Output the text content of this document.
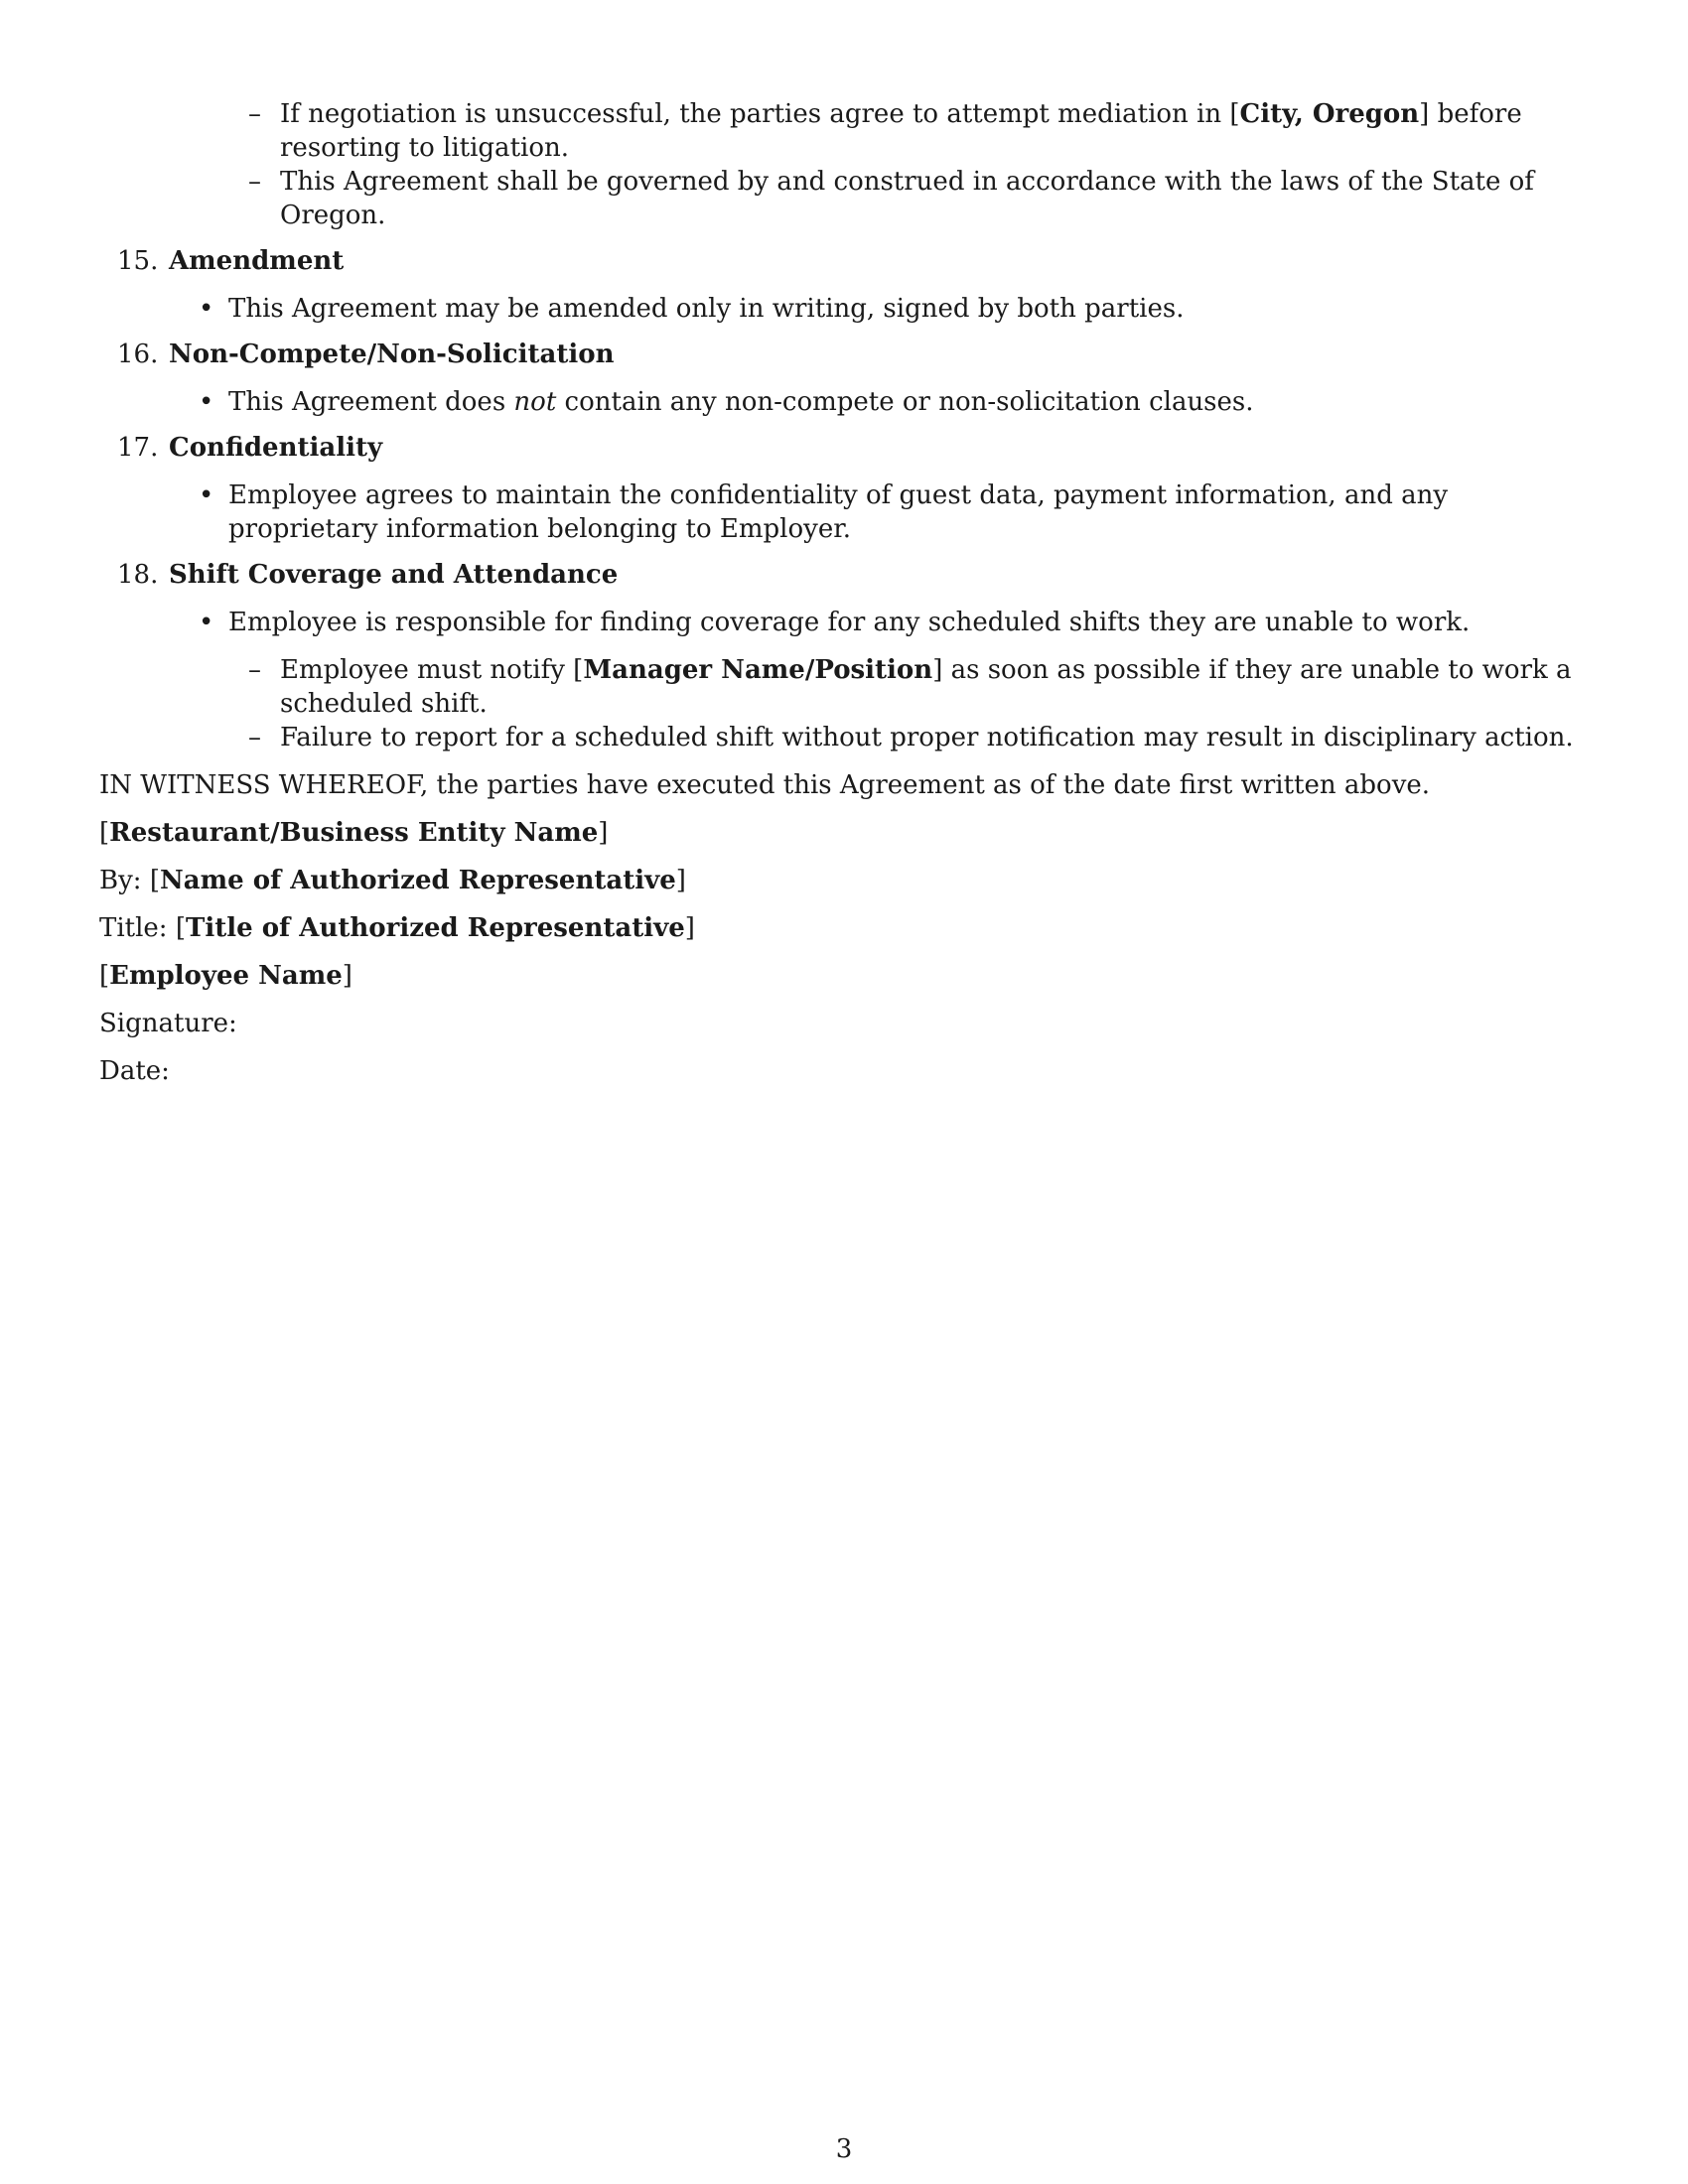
– If negotiation is unsuccessful, the parties agree to attempt mediation in [City, Oregon] before resorting to litigation.
– This Agreement shall be governed by and construed in accordance with the laws of the State of Oregon.
15. Amendment
• This Agreement may be amended only in writing, signed by both parties.
16. Non-Compete/Non-Solicitation
• This Agreement does not contain any non-compete or non-solicitation clauses.
17. Confidentiality
• Employee agrees to maintain the confidentiality of guest data, payment information, and any proprietary information belonging to Employer.
18. Shift Coverage and Attendance
• Employee is responsible for finding coverage for any scheduled shifts they are unable to work.
– Employee must notify [Manager Name/Position] as soon as possible if they are unable to work a scheduled shift.
– Failure to report for a scheduled shift without proper notification may result in disciplinary action.
IN WITNESS WHEREOF, the parties have executed this Agreement as of the date first written above.
[Restaurant/Business Entity Name]
By: [Name of Authorized Representative]
Title: [Title of Authorized Representative]
[Employee Name]
Signature:
Date:
3
